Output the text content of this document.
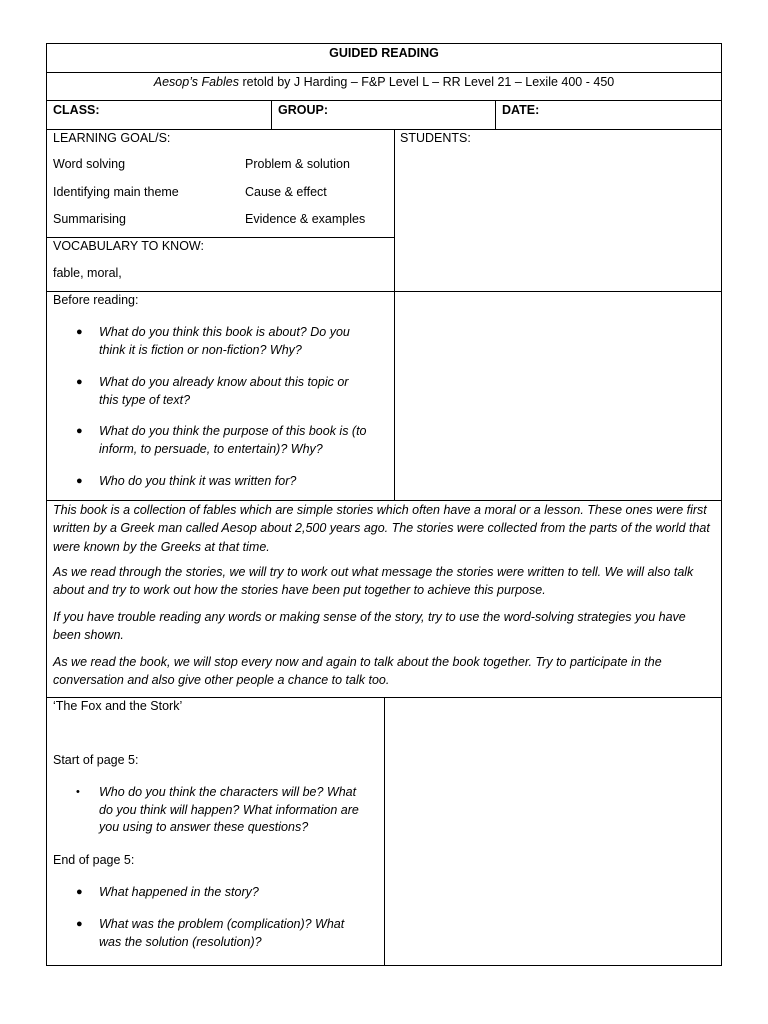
GUIDED READING
Aesop’s Fables retold by J Harding – F&P Level L – RR Level 21 – Lexile 400 - 450
CLASS:	GROUP:	DATE:
LEARNING GOAL/S:
Word solving	Problem & solution
Identifying main theme	Cause & effect
Summarising	Evidence & examples
STUDENTS:
VOCABULARY TO KNOW:
fable, moral,
Before reading:
● What do you think this book is about? Do you think it is fiction or non-fiction? Why?
● What do you already know about this topic or this type of text?
● What do you think the purpose of this book is (to inform, to persuade, to entertain)? Why?
● Who do you think it was written for?
This book is a collection of fables which are simple stories which often have a moral or a lesson. These ones were first written by a Greek man called Aesop about 2,500 years ago. The stories were collected from the parts of the world that were known by the Greeks at that time.
As we read through the stories, we will try to work out what message the stories were written to tell. We will also talk about and try to work out how the stories have been put together to achieve this purpose.
If you have trouble reading any words or making sense of the story, try to use the word-solving strategies you have been shown.
As we read the book, we will stop every now and again to talk about the book together. Try to participate in the conversation and also give other people a chance to talk too.
‘The Fox and the Stork’
Start of page 5:
• Who do you think the characters will be? What do you think will happen? What information are you using to answer these questions?
End of page 5:
● What happened in the story?
● What was the problem (complication)? What was the solution (resolution)?
